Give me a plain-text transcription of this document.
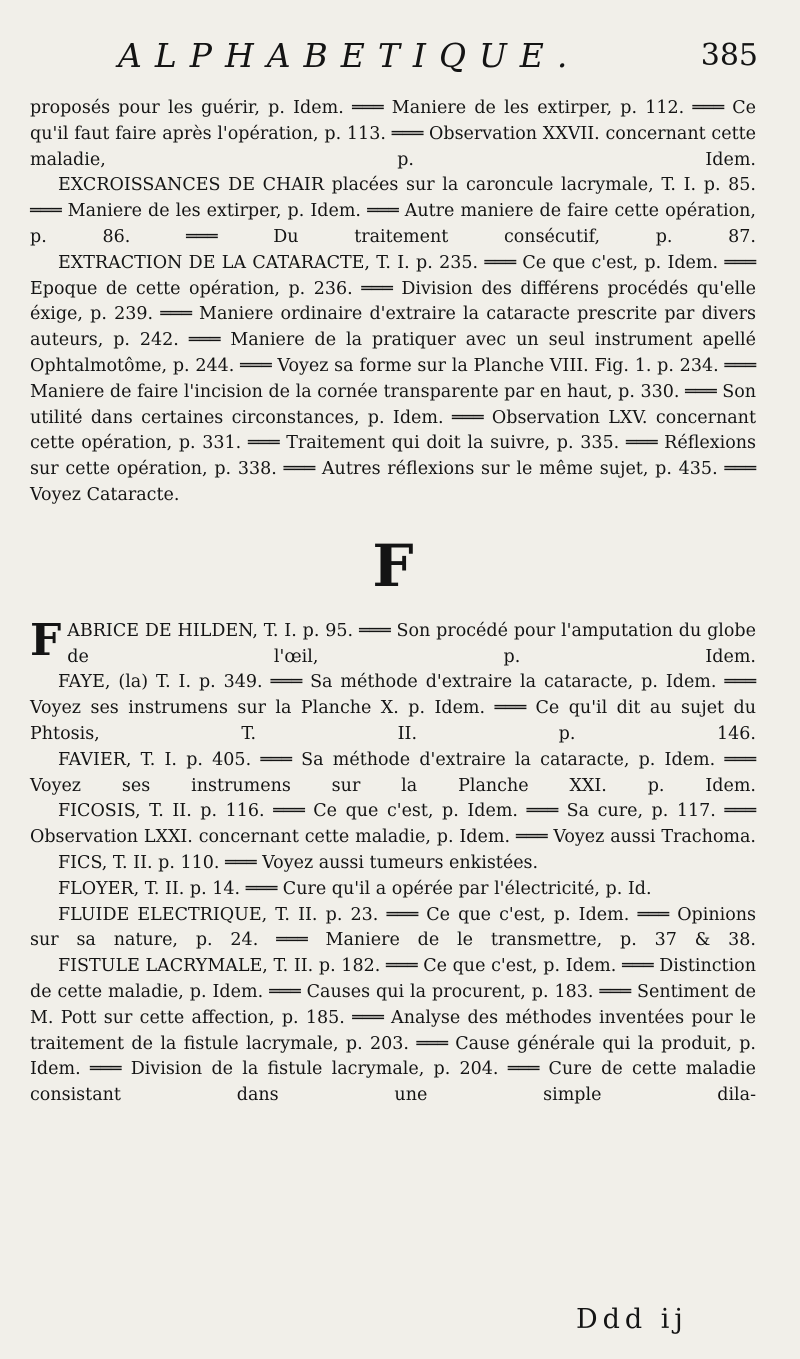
ALPHABETIQUE.	385

proposés pour les guérir, p. Idem. ═══ Maniere de les extirper, p. 112. ═══ Ce qu'il faut faire après l'opération, p. 113. ═══ Observation XXVII. concernant cette maladie, p. Idem.

EXCROISSANCES DE CHAIR placées sur la caroncule lacrymale, T. I. p. 85. ═══ Maniere de les extirper, p. Idem. ═══ Autre maniere de faire cette opération, p. 86. ═══ Du traitement consécutif, p. 87.

EXTRACTION DE LA CATARACTE, T. I. p. 235. ═══ Ce que c'est, p. Idem. ═══ Epoque de cette opération, p. 236. ═══ Division des différens procédés qu'elle éxige, p. 239. ═══ Maniere ordinaire d'extraire la cataracte prescrite par divers auteurs, p. 242. ═══ Maniere de la pratiquer avec un seul instrument apellé Ophtalmotôme, p. 244. ═══ Voyez sa forme sur la Planche VIII. Fig. 1. p. 234. ═══ Maniere de faire l'incision de la cornée transparente par en haut, p. 330. ═══ Son utilité dans certaines circonstances, p. Idem. ═══ Observation LXV. concernant cette opération, p. 331. ═══ Traitement qui doit la suivre, p. 335. ═══ Réflexions sur cette opération, p. 338. ═══ Autres réflexions sur le même sujet, p. 435. ═══ Voyez Cataracte.

F

FABRICE DE HILDEN, T. I. p. 95. ═══ Son procédé pour l'amputation du globe de l'œil, p. Idem.

FAYE, (la) T. I. p. 349. ═══ Sa méthode d'extraire la cataracte, p. Idem. ═══ Voyez ses instrumens sur la Planche X. p. Idem. ═══ Ce qu'il dit au sujet du Phtosis, T. II. p. 146.

FAVIER, T. I. p. 405. ═══ Sa méthode d'extraire la cataracte, p. Idem. ═══ Voyez ses instrumens sur la Planche XXI. p. Idem.

FICOSIS, T. II. p. 116. ═══ Ce que c'est, p. Idem. ═══ Sa cure, p. 117. ═══ Observation LXXI. concernant cette maladie, p. Idem. ═══ Voyez aussi Trachoma.

FICS, T. II. p. 110. ═══ Voyez aussi tumeurs enkistées.

FLOYER, T. II. p. 14. ═══ Cure qu'il a opérée par l'électricité, p. Id.

FLUIDE ELECTRIQUE, T. II. p. 23. ═══ Ce que c'est, p. Idem. ═══ Opinions sur sa nature, p. 24. ═══ Maniere de le transmettre, p. 37 & 38.

FISTULE LACRYMALE, T. II. p. 182. ═══ Ce que c'est, p. Idem. ═══ Distinction de cette maladie, p. Idem. ═══ Causes qui la procurent, p. 183. ═══ Sentiment de M. Pott sur cette affection, p. 185. ═══ Analyse des méthodes inventées pour le traitement de la fistule lacrymale, p. 203. ═══ Cause générale qui la produit, p. Idem. ═══ Division de la fistule lacrymale, p. 204. ═══ Cure de cette maladie consistant dans une simple dila-

Ddd ij
